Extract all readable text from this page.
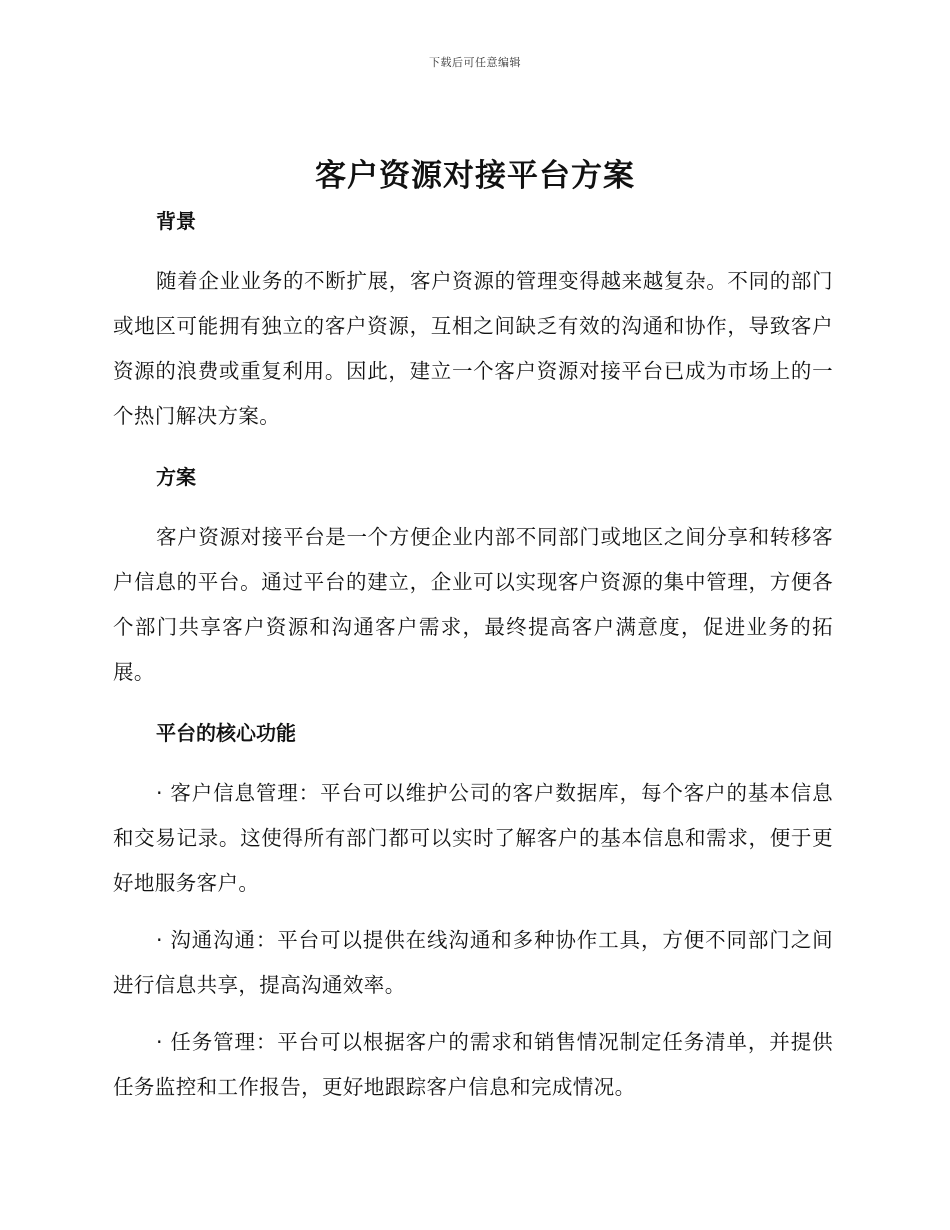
下载后可任意编辑
客户资源对接平台方案
背景

随着企业业务的不断扩展，客户资源的管理变得越来越复杂。不同的部门或地区可能拥有独立的客户资源，互相之间缺乏有效的沟通和协作，导致客户资源的浪费或重复利用。因此，建立一个客户资源对接平台已成为市场上的一个热门解决方案。

方案

客户资源对接平台是一个方便企业内部不同部门或地区之间分享和转移客户信息的平台。通过平台的建立，企业可以实现客户资源的集中管理，方便各个部门共享客户资源和沟通客户需求，最终提高客户满意度，促进业务的拓展。

平台的核心功能

· 客户信息管理：平台可以维护公司的客户数据库，每个客户的基本信息和交易记录。这使得所有部门都可以实时了解客户的基本信息和需求，便于更好地服务客户。

· 沟通沟通：平台可以提供在线沟通和多种协作工具，方便不同部门之间进行信息共享，提高沟通效率。

· 任务管理：平台可以根据客户的需求和销售情况制定任务清单，并提供任务监控和工作报告，更好地跟踪客户信息和完成情况。
